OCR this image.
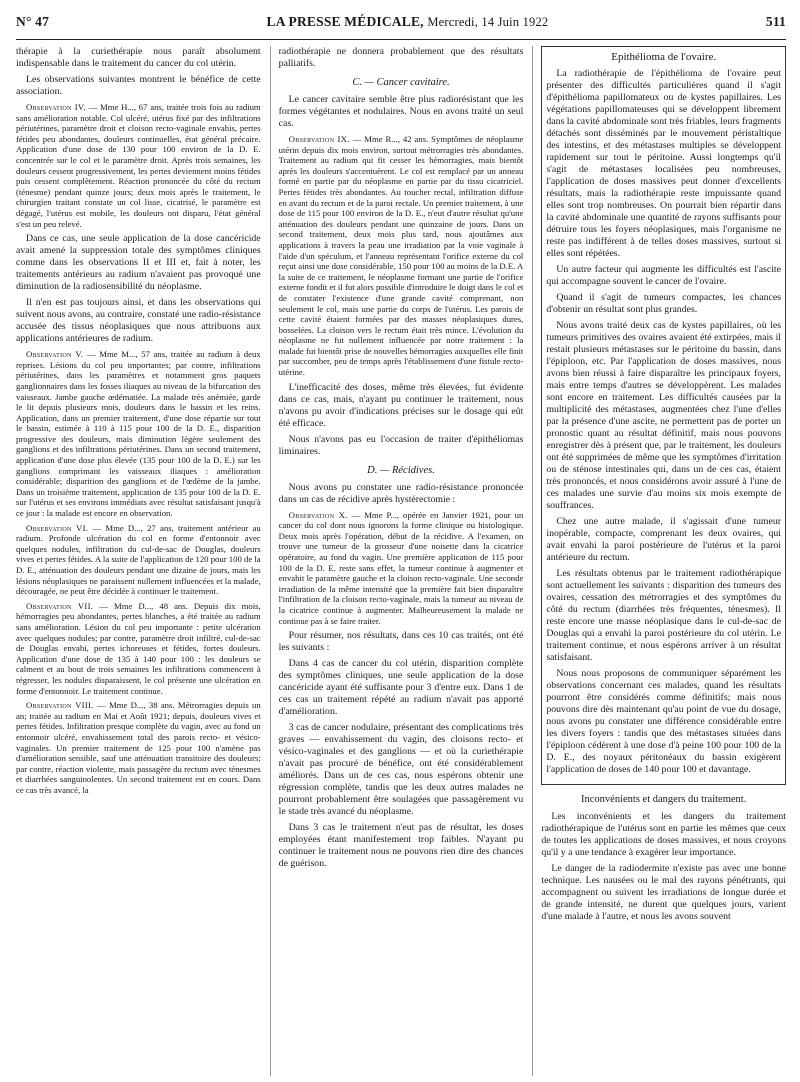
N° 47	LA PRESSE MÉDICALE, Mercredi, 14 Juin 1922	511

thérapie à la curiethérapie nous paraît absolument indispensable dans le traitement du cancer du col utérin.

Les observations suivantes montrent le bénéfice de cette association.

Observation IV. — Mme H..., 67 ans, traitée trois fois au radium sans amélioration notable. Col ulcéré, utérus fixé par des infiltrations périutérines, paramètre droit et cloison recto-vaginale envahis, pertes fétides peu abondantes, douleurs continuelles, état général précaire. Application d'une dose de 130 pour 100 environ de la D. E. concentrée sur le col et le paramètre droit. Après trois semaines, les douleurs cessent progressivement, les pertes deviennent moins fétides puis cessent complètement. Réaction prononcée du côté du rectum (ténesme) pendant quinze jours; deux mois après le traitement, le chirurgien traitant constate un col lisse, cicatrisé, le paramètre est dégagé, l'utérus est mobile, les douleurs ont disparu, l'état général s'est un peu relevé.

Dans ce cas, une seule application de la dose cancéricide avait amené la suppression totale des symptômes cliniques comme dans les observations II et III et, fait à noter, les traitements antérieurs au radium n'avaient pas provoqué une diminution de la radiosensibilité du néoplasme.

Il n'en est pas toujours ainsi, et dans les observations qui suivent nous avons, au contraire, constaté une radio-résistance accusée des tissus néoplasiques que nous attribuons aux applications antérieures de radium.

Observation V. — Mme M..., 57 ans, traitée au radium à deux reprises. Lésions du col peu importantes; par contre, infiltrations périutérines, dans les paramètres et notamment gros paquets ganglionnaires dans les fosses iliaques au niveau de la bifurcation des vaisseaux. Jambe gauche œdématiée. La malade très anémiée, garde le lit depuis plusieurs mois, douleurs dans le bassin et les reins. Application, dans un premier traitement, d'une dose répartie sur tout le bassin, estimée à 110 à 115 pour 100 de la D. E., disparition progressive des douleurs, mais diminution légère seulement des ganglions et des infiltrations périutérines. Dans un second traitement, application d'une dose plus élevée (135 pour 100 de la D. E.) sur les ganglions comprimant les vaisseaux iliaques : amélioration considérable; disparition des ganglions et de l'œdème de la jambe. Dans un troisième traitement, application de 135 pour 100 de la D. E. sur l'utérus et ses environs immédiats avec résultat satisfaisant jusqu'à ce jour : la malade est encore en observation.

Observation VI. — Mme D..., 27 ans, traitement antérieur au radium. Profonde ulcération du col en forme d'entonnoir avec quelques nodules, infiltration du cul-de-sac de Douglas, douleurs vives et pertes fétides. A la suite de l'application de 120 pour 100 de la D. E., atténuation des douleurs pendant une dizaine de jours, mais les lésions néoplasiques ne paraissent nullement influencées et la malade, découragée, ne peut être décidée à continuer le traitement.

Observation VII. — Mme D..., 48 ans. Depuis dix mois, hémorragies peu abondantes, pertes blanches, a été traitée au radium sans amélioration. Lésion du col peu importante : petite ulcération avec quelques nodules; par contre, paramètre droit infiltré, cul-de-sac de Douglas envahi, pertes ichoreuses et fétides, fortes douleurs. Application d'une dose de 135 à 140 pour 100 : les douleurs se calment et au bout de trois semaines les infiltrations commencent à régresser, les nodules disparaissent, le col présente une ulcération en forme d'entonnoir. Le traitement continue.

Observation VIII. — Mme D..., 38 ans. Métrorragies depuis un an; traitée au radium en Mai et Août 1921; depuis, douleurs vives et pertes fétides. Infiltration presque complète du vagin, avec au fond un entonnoir ulcéré, envahissement total des parois recto- et vésico-vaginales. Un premier traitement de 125 pour 100 n'amène pas d'amélioration sensible, sauf une atténuation transitoire des douleurs; par contre, réaction violente, mais passagère du rectum avec ténesmes et diarrhées sanguinolentes. Un second traitement est en cours. Dans ce cas très avancé, la

radiothérapie ne donnera probablement que des résultats palliatifs.

C. — Cancer cavitaire.

Le cancer cavitaire semble être plus radiorésistant que les formes végétantes et nodulaires. Nous en avons traité un seul cas.

Observation IX. — Mme R..., 42 ans. Symptômes de néoplasme utérin depuis dix mois environ, surtout métrorragies très abondantes. Traitement au radium qui fit cesser les hémorragies, mais bientôt après les douleurs s'accentuèrent. Le col est remplacé par un anneau formé en partie par du néoplasme en partie par du tissu cicatriciel. Pertes fétides très abondantes. Au toucher rectal, infiltration diffuse en avant du rectum et de la paroi rectale. Un premier traitement, à une dose de 115 pour 100 environ de la D. E., n'eut d'autre résultat qu'une atténuation des douleurs pendant une quinzaine de jours. Dans un second traitement, deux mois plus tard, nous ajoutâmes aux applications à travers la peau une irradiation par la voie vaginale à l'aide d'un spéculum, et l'anneau représentant l'orifice externe du col reçut ainsi une dose considérable, 150 pour 100 au moins de la D.E. A la suite de ce traitement, le néoplasme formant une partie de l'orifice externe fondit et il fut alors possible d'introduire le doigt dans le col et de constater l'existence d'une grande cavité comprenant, non seulement le col, mais une partie du corps de l'utérus. Les parois de cette cavité étaient formées par des masses néoplasiques dures, bosselées. La cloison vers le rectum était très mince. L'évolution du néoplasme ne fut nullement influencée par notre traitement : la malade fut bientôt prise de nouvelles hémorragies auxquelles elle finit par succomber, peu de temps après l'établissement d'une fistule recto-utérine.

L'inefficacité des doses, même très élevées, fut évidente dans ce cas, mais, n'ayant pu continuer le traitement, nous n'avons pu avoir d'indications précises sur le dosage qui eût été efficace.

Nous n'avons pas eu l'occasion de traiter d'épithéliomas liminaires.

D. — Récidives.

Nous avons pu constater une radio-résistance prononcée dans un cas de récidive après hystérectomie :

Observation X. — Mme P..., opérée en Janvier 1921, pour un cancer du col dont nous ignorons la forme clinique ou histologique. Deux mois après l'opération, début de la récidive. A l'examen, on trouve une tumeur de la grosseur d'une noisette dans la cicatrice opératoire, au fond du vagin. Une première application de 115 pour 100 de la D. E. reste sans effet, la tumeur continue à augmenter et envahit le paramètre gauche et la cloison recto-vaginale. Une seconde irradiation de la même intensité que la première fait bien disparaître l'infiltration de la cloison recto-vaginale, mais la tumeur au niveau de la cicatrice continue à augmenter. Malheureusement la malade ne continue pas à se faire traiter.

Pour résumer, nos résultats, dans ces 10 cas traités, ont été les suivants :

Dans 4 cas de cancer du col utérin, disparition complète des symptômes cliniques, une seule application de la dose cancéricide ayant été suffisante pour 3 d'entre eux. Dans 1 de ces cas un traitement répété au radium n'avait pas apporté d'amélioration.

3 cas de cancer nodulaire, présentant des complications très graves — envahissement du vagin, des cloisons recto- et vésico-vaginales et des ganglions — et où la curiethérapie n'avait pas procuré de bénéfice, ont été considérablement améliorés. Dans un de ces cas, nous espérons obtenir une régression complète, tandis que les deux autres malades ne pourront probablement être soulagées que passagèrement vu le stade très avancé du néoplasme.

Dans 3 cas le traitement n'eut pas de résultat, les doses employées étant manifestement trop faibles. N'ayant pu continuer le traitement nous ne pouvons rien dire des chances de guérison.

Epithélioma de l'ovaire.

La radiothérapie de l'épithélioma de l'ovaire peut présenter des difficultés particulières quand il s'agit d'épithélioma papillomateux ou de kystes papillaires. Les végétations papillomateuses qui se développent librement dans la cavité abdominale sont très friables, leurs fragments détachés sont disséminés par le mouvement péristaltique des intestins, et des métastases multiples se développent rapidement sur tout le péritoine. Aussi longtemps qu'il s'agit de métastases localisées peu nombreuses, l'application de doses massives peut donner d'excellents résultats, mais la radiothérapie reste impuissante quand elles sont trop nombreuses. On pourrait bien répartir dans la cavité abdominale une quantité de rayons suffisants pour détruire tous les foyers néoplasiques, mais l'organisme ne reste pas indifférent à de telles doses massives, surtout si elles sont répétées.

Un autre facteur qui augmente les difficultés est l'ascite qui accompagne souvent le cancer de l'ovaire.

Quand il s'agit de tumeurs compactes, les chances d'obtenir un résultat sont plus grandes.

Nous avons traité deux cas de kystes papillaires, où les tumeurs primitives des ovaires avaient été extirpées, mais il restait plusieurs métastases sur le péritoine du bassin, dans l'épiploon, etc. Par l'application de doses massives, nous avons bien réussi à faire disparaître les principaux foyers, mais entre temps d'autres se développèrent. Les malades sont encore en traitement. Les difficultés causées par la multiplicité des métastases, augmentées chez l'une d'elles par la présence d'une ascite, ne permettent pas de porter un pronostic quant au résultat définitif, mais nous pouvons enregistrer dès à présent que, par le traitement, les douleurs ont été supprimées de même que les symptômes d'irritation ou de sténose intestinales qui, dans un de ces cas, étaient très prononcés, et nous considérons avoir assuré à l'une de ces malades une survie d'au moins six mois exempte de souffrances.

Chez une autre malade, il s'agissait d'une tumeur inopérable, compacte, comprenant les deux ovaires, qui avait envahi la paroi postérieure de l'utérus et la paroi antérieure du rectum.

Les résultats obtenus par le traitement radiothérapique sont actuellement les suivants : disparition des tumeurs des ovaires, cessation des métrorragies et des symptômes du côté du rectum (diarrhées très fréquentes, ténesmes). Il reste encore une masse néoplasique dans le cul-de-sac de Douglas qui a envahi la paroi postérieure du col utérin. Le traitement continue, et nous espérons arriver à un résultat satisfaisant.

Nous nous proposons de communiquer séparément les observations concernant ces malades, quand les résultats pourront être considérés comme définitifs; mais nous pouvons dire dès maintenant qu'au point de vue du dosage, nous avons pu constater une différence considérable entre les divers foyers : tandis que des métastases situées dans l'épiploon cédèrent à une dose d'à peine 100 pour 100 de la D. E., des noyaux péritonéaux du bassin exigèrent l'application de doses de 140 pour 100 et davantage.

Inconvénients et dangers du traitement.

Les inconvénients et les dangers du traitement radiothérapique de l'utérus sont en partie les mêmes que ceux de toutes les applications de doses massives, et nous croyons qu'il y a une tendance à exagérer leur importance.

Le danger de la radiodermite n'existe pas avec une bonne technique. Les nausées ou le mal des rayons pénétrants, qui accompagnent ou suivent les irradiations de longue durée et de grande intensité, ne durent que quelques jours, varient d'une malade à l'autre, et nous les avons souvent
